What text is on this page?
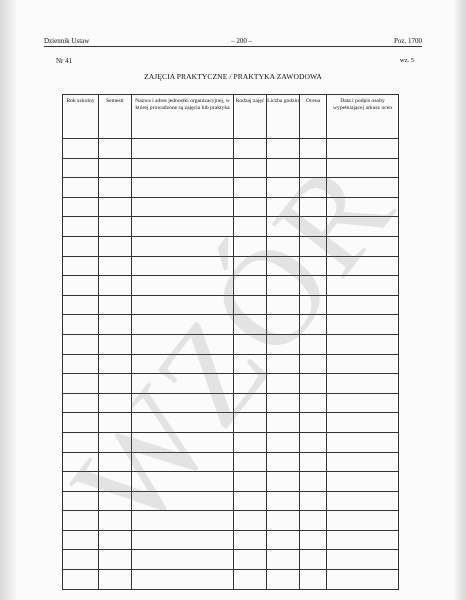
Dziennik Ustaw	– 200 –	Poz. 1700
Nr 41	wz. 5
ZAJĘCIA PRAKTYCZNE / PRAKTYKA ZAWODOWA
Rok szkolny	Semestr	Nazwa i adres jednostki organizacyjnej, w której prowadzone są zajęcia lub praktyka	Rodzaj zajęć	Liczba godzin	Ocena	Data i podpis osoby wypełniającej arkusz ocen

WZÓR
